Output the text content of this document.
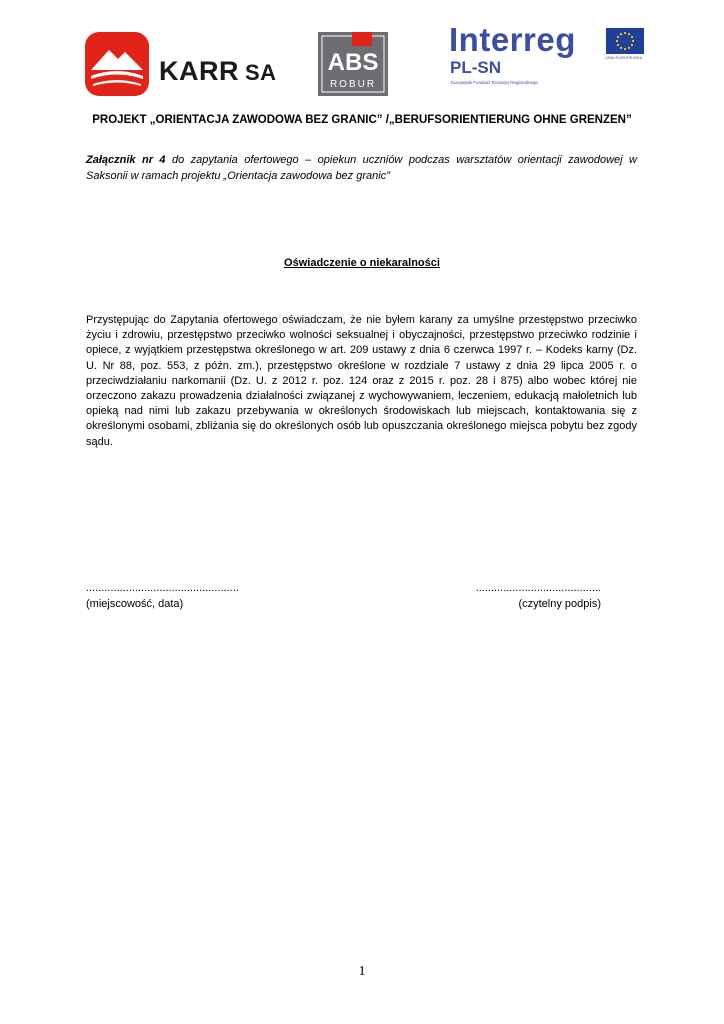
KARR SA ABS
ROBUR
Interreg
PL-SN
Europejski Fundusz Rozwoju Regionalnego
UNIA EUROPEJSKA
PROJEKT „ORIENTACJA ZAWODOWA BEZ GRANIC” /„BERUFSORIENTIERUNG OHNE GRENZEN”
Załącznik nr 4 do zapytania ofertowego – opiekun uczniów podczas warsztatów orientacji zawodowej w Saksonii w ramach projektu „Orientacja zawodowa bez granic”
Oświadczenie o niekaralności
Przystępując do Zapytania ofertowego oświadczam, że nie byłem karany za umyślne przestępstwo przeciwko życiu i zdrowiu, przestępstwo przeciwko wolności seksualnej i obyczajności, przestępstwo przeciwko rodzinie i opiece, z wyjątkiem przestępstwa określonego w art. 209 ustawy z dnia 6 czerwca 1997 r. – Kodeks karny (Dz. U. Nr 88, poz. 553, z późn. zm.), przestępstwo określone w rozdziale 7 ustawy z dnia 29 lipca 2005 r. o przeciwdziałaniu narkomanii (Dz. U. z 2012 r. poz. 124 oraz z 2015 r. poz. 28 i 875) albo wobec której nie orzeczono zakazu prowadzenia działalności związanej z wychowywaniem, leczeniem, edukacją małoletnich lub opieką nad nimi lub zakazu przebywania w określonych środowiskach lub miejscach, kontaktowania się z określonymi osobami, zbliżania się do określonych osób lub opuszczania określonego miejsca pobytu bez zgody sądu.
..................................................
(miejscowość, data)
.........................................
(czytelny podpis)
1
